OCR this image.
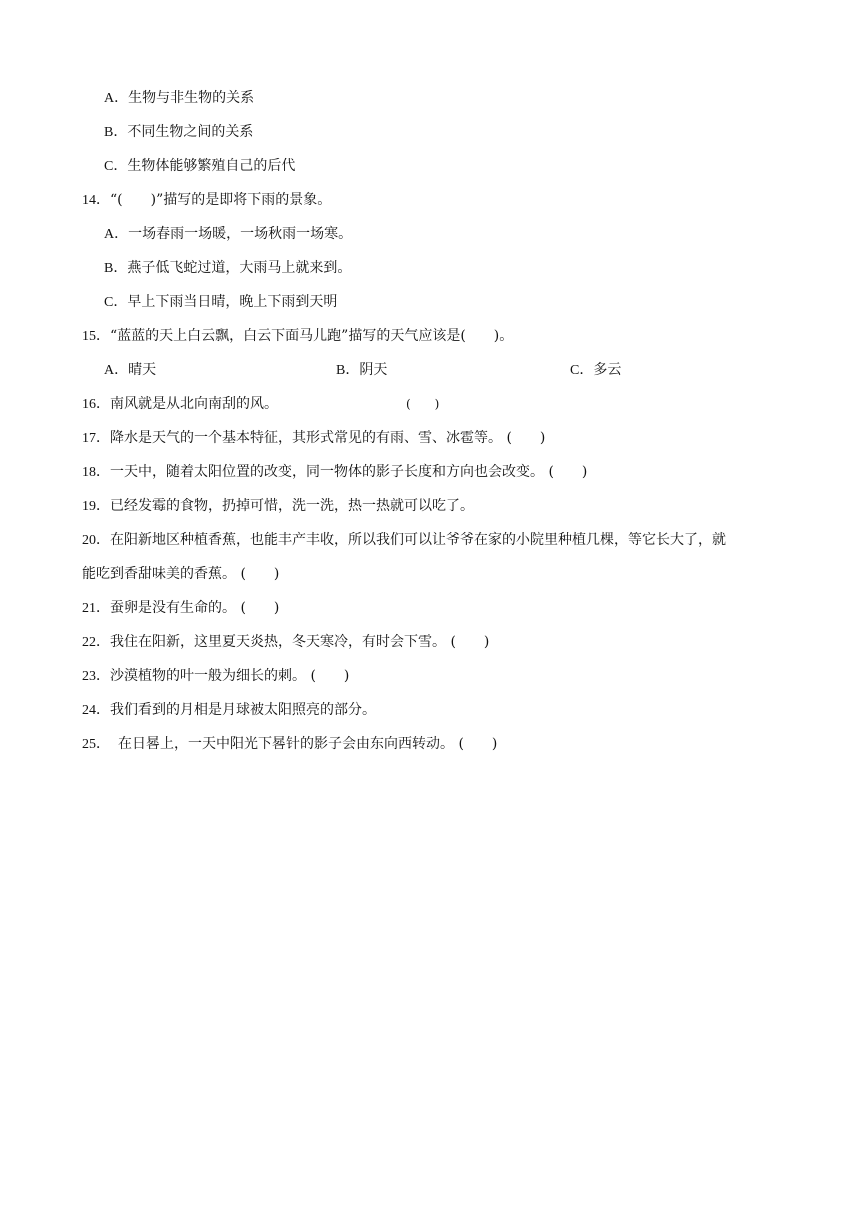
A．生物与非生物的关系
B．不同生物之间的关系
C．生物体能够繁殖自己的后代
14．“(　　)”描写的是即将下雨的景象。
A．一场春雨一场暖，一场秋雨一场寒。
B．燕子低飞蛇过道，大雨马上就来到。
C．早上下雨当日晴，晚上下雨到天明
15．“蓝蓝的天上白云飘，白云下面马儿跑”描写的天气应该是(　　)。
A．晴天	B．阴天	C．多云
16．南风就是从北向南刮的风。	(　　)
17．降水是天气的一个基本特征，其形式常见的有雨、雪、冰雹等。 (　　)
18．一天中，随着太阳位置的改变，同一物体的影子长度和方向也会改变。 (　　)
19．已经发霉的食物，扔掉可惜，洗一洗，热一热就可以吃了。
20．在阳新地区种植香蕉，也能丰产丰收，所以我们可以让爷爷在家的小院里种植几棵，等它长大了，就
能吃到香甜味美的香蕉。 (　　)
21．蚕卵是没有生命的。 (　　)
22．我住在阳新，这里夏天炎热，冬天寒冷，有时会下雪。 (　　)
23．沙漠植物的叶一般为细长的刺。 (　　)
24．我们看到的月相是月球被太阳照亮的部分。
25． 在日晷上，一天中阳光下晷针的影子会由东向西转动。 (　　)
